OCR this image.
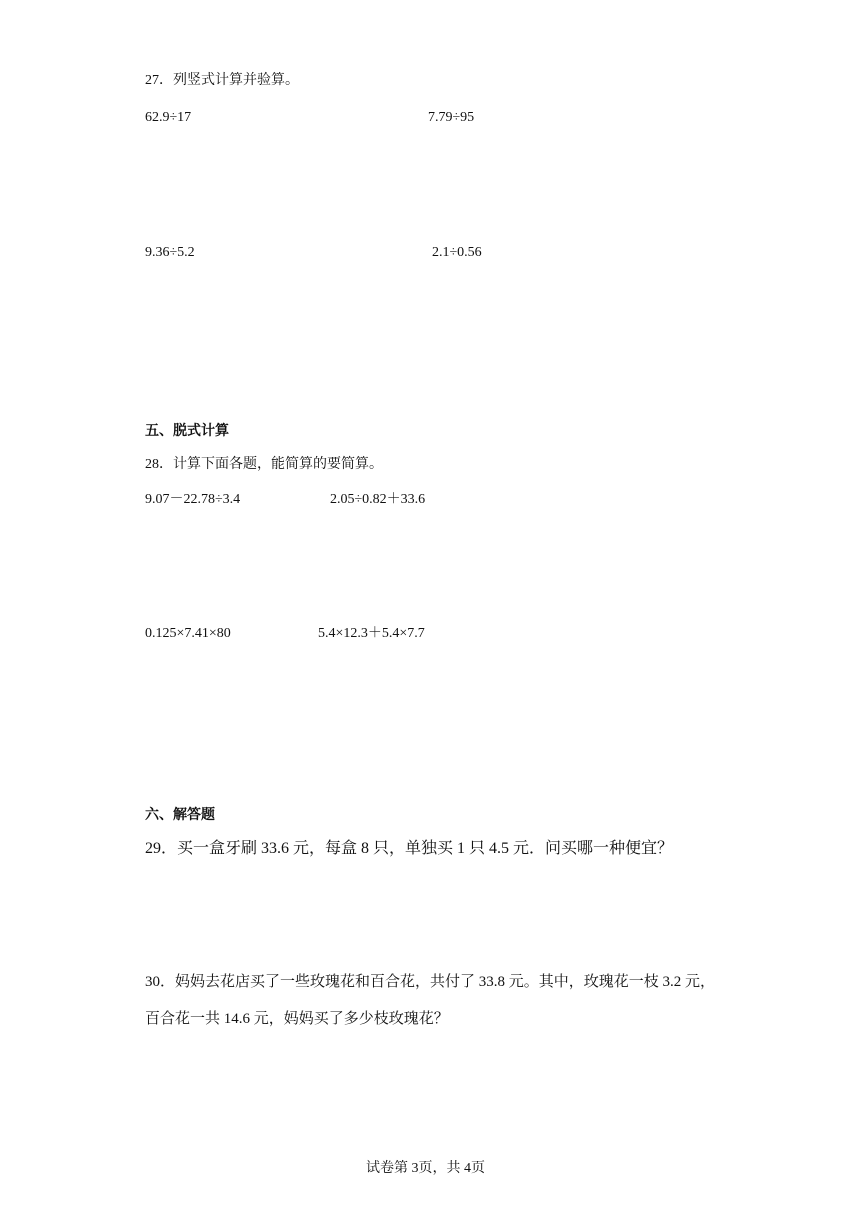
27．列竖式计算并验算。
62.9÷17	7.79÷95
9.36÷5.2	2.1÷0.56
五、脱式计算
28．计算下面各题，能简算的要简算。
9.07－22.78÷3.4	2.05÷0.82＋33.6
0.125×7.41×80	5.4×12.3＋5.4×7.7
六、解答题
29．买一盒牙刷 33.6 元，每盒 8 只，单独买 1 只 4.5 元．问买哪一种便宜？
30．妈妈去花店买了一些玫瑰花和百合花，共付了 33.8 元。其中，玫瑰花一枝 3.2 元，
百合花一共 14.6 元，妈妈买了多少枝玫瑰花？
试卷第 3页，共 4页
